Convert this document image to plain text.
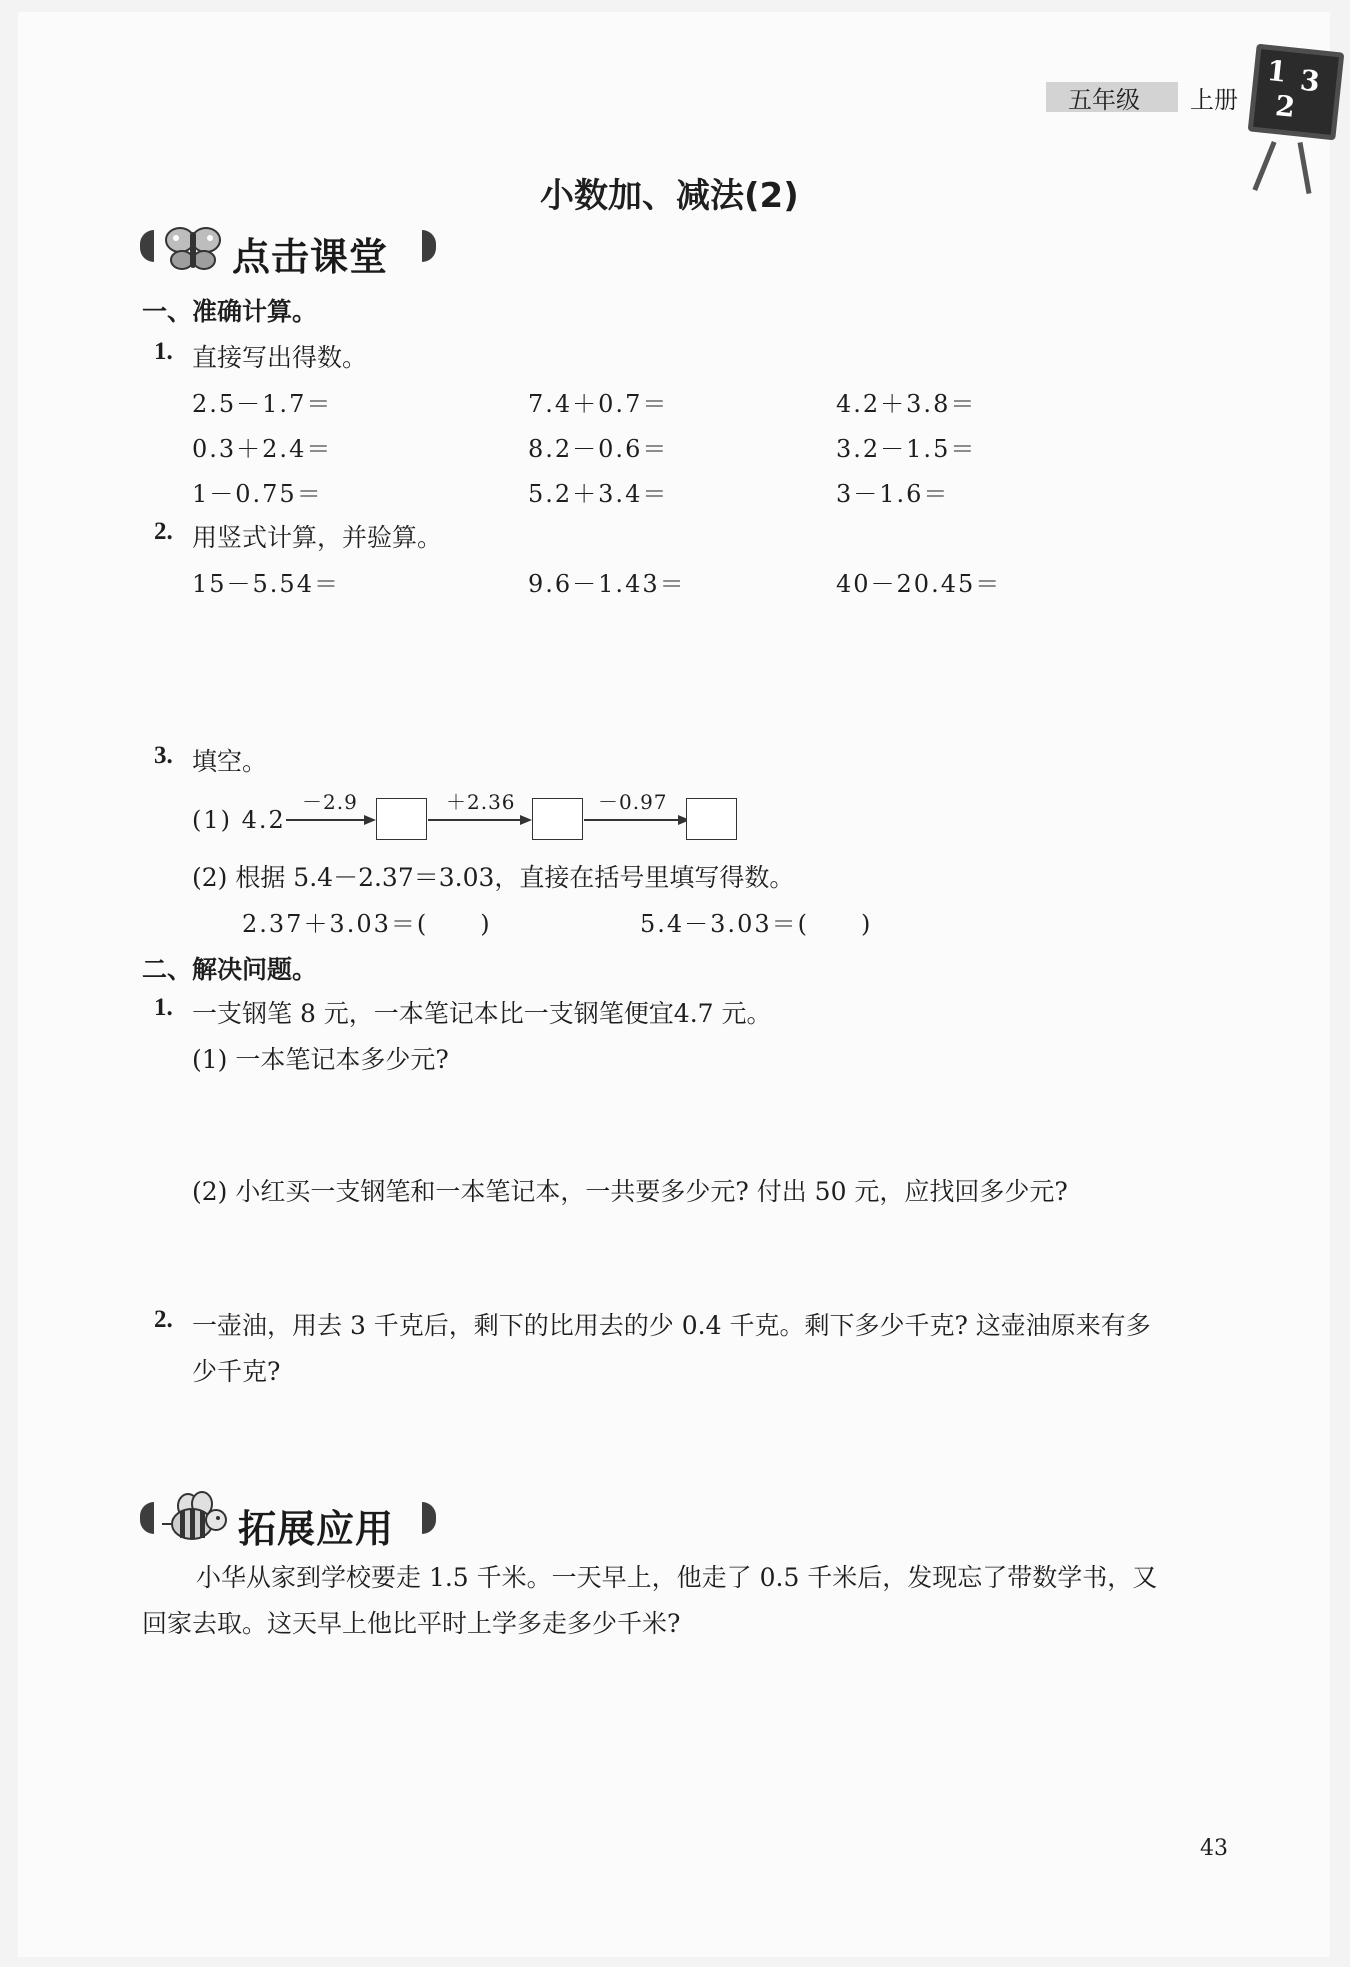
五年级 上册
1 3
2
小数加、减法(2)
点击课堂
一、准确计算。
1. 直接写出得数。
2.5－1.7＝	7.4＋0.7＝	4.2＋3.8＝
0.3＋2.4＝	8.2－0.6＝	3.2－1.5＝
1－0.75＝	5.2＋3.4＝	3－1.6＝
2. 用竖式计算，并验算。
15－5.54＝	9.6－1.43＝	40－20.45＝
3. 填空。
(1) 4.2
－2.9	＋2.36	－0.97
(2) 根据 5.4－2.37＝3.03，直接在括号里填写得数。
2.37＋3.03＝(　　)	5.4－3.03＝(　　)
二、解决问题。
1. 一支钢笔 8 元，一本笔记本比一支钢笔便宜4.7 元。
(1) 一本笔记本多少元?
(2) 小红买一支钢笔和一本笔记本，一共要多少元? 付出 50 元，应找回多少元?
2. 一壶油，用去 3 千克后，剩下的比用去的少 0.4 千克。剩下多少千克? 这壶油原来有多
少千克?
拓展应用
小华从家到学校要走 1.5 千米。一天早上，他走了 0.5 千米后，发现忘了带数学书，又
回家去取。这天早上他比平时上学多走多少千米?
43
